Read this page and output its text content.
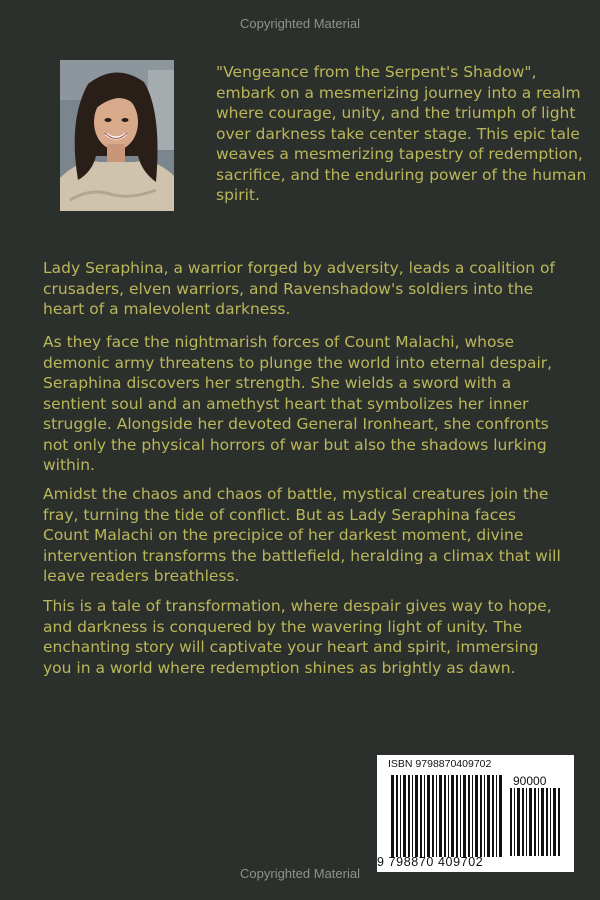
Copyrighted Material

"Vengeance from the Serpent's Shadow", embark on a mesmerizing journey into a realm where courage, unity, and the triumph of light over darkness take center stage. This epic tale weaves a mesmerizing tapestry of redemption, sacrifice, and the enduring power of the human spirit.

Lady Seraphina, a warrior forged by adversity, leads a coalition of crusaders, elven warriors, and Ravenshadow's soldiers into the heart of a malevolent darkness.

As they face the nightmarish forces of Count Malachi, whose demonic army threatens to plunge the world into eternal despair, Seraphina discovers her strength. She wields a sword with a sentient soul and an amethyst heart that symbolizes her inner struggle. Alongside her devoted General Ironheart, she confronts not only the physical horrors of war but also the shadows lurking within.

Amidst the chaos and chaos of battle, mystical creatures join the fray, turning the tide of conflict. But as Lady Seraphina faces Count Malachi on the precipice of her darkest moment, divine intervention transforms the battlefield, heralding a climax that will leave readers breathless.

This is a tale of transformation, where despair gives way to hope, and darkness is conquered by the wavering light of unity. The enchanting story will captivate your heart and spirit, immersing you in a world where redemption shines as brightly as dawn.

ISBN 9798870409702
90000
9 798870 409702
Copyrighted Material
